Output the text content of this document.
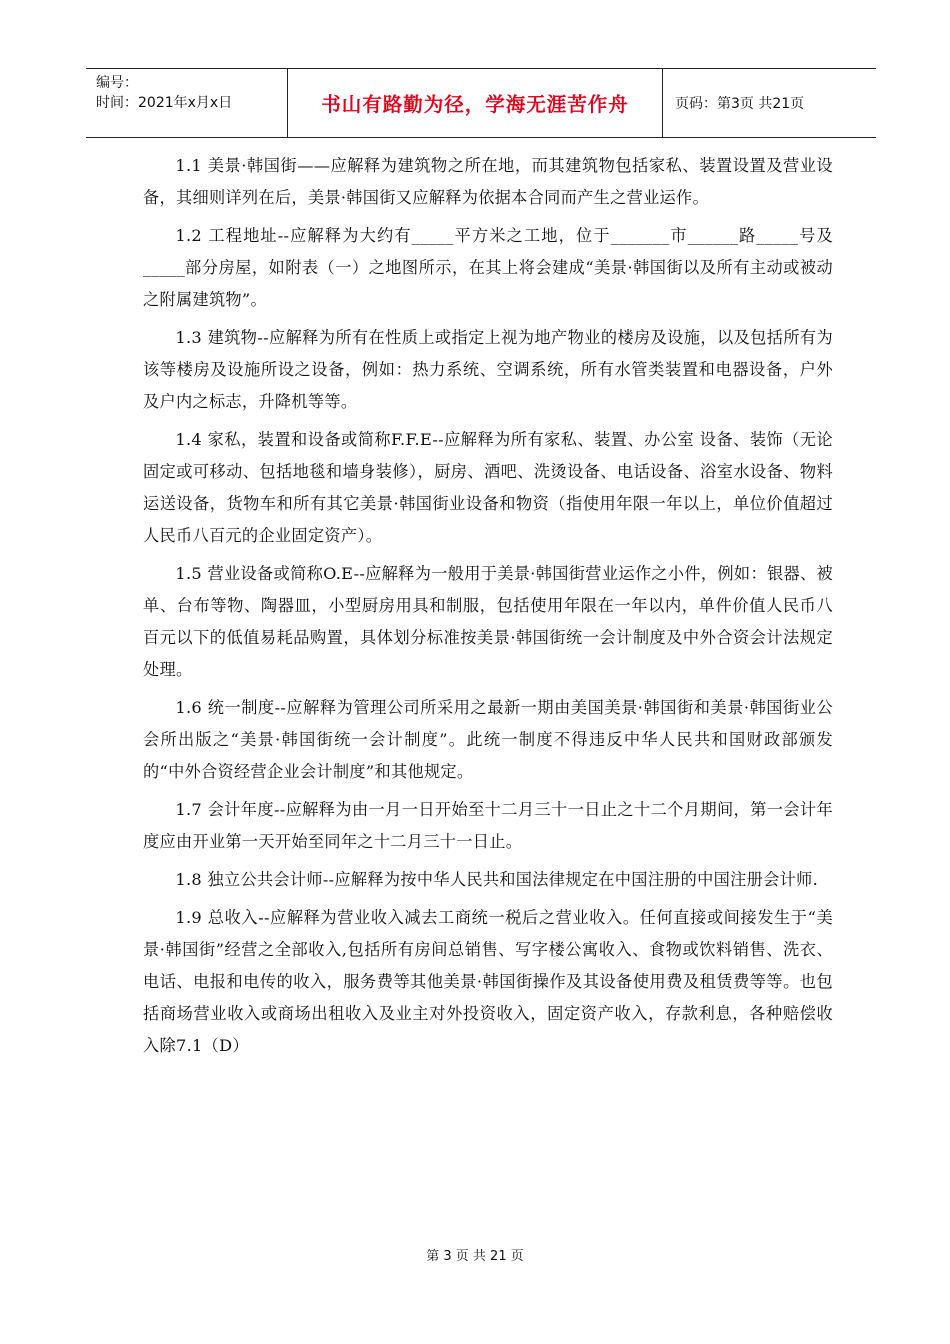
编号：
时间：2021年x月x日	书山有路勤为径，学海无涯苦作舟	页码：第3页 共21页

1.1 美景·韩国街——应解释为建筑物之所在地，而其建筑物包括家私、装置设置及营业设备，其细则详列在后，美景·韩国街又应解释为依据本合同而产生之营业运作。

1.2 工程地址--应解释为大约有_____平方米之工地，位于_______市______路_____号及_____部分房屋，如附表（一）之地图所示，在其上将会建成“美景·韩国街以及所有主动或被动之附属建筑物”。

1.3 建筑物--应解释为所有在性质上或指定上视为地产物业的楼房及设施，以及包括所有为该等楼房及设施所设之设备，例如：热力系统、空调系统，所有水管类装置和电器设备，户外及户内之标志，升降机等等。

1.4 家私，装置和设备或简称F.F.E--应解释为所有家私、装置、办公室 设备、装饰（无论固定或可移动、包括地毯和墙身装修），厨房、酒吧、洗烫设备、电话设备、浴室水设备、物料运送设备，货物车和所有其它美景·韩国街业设备和物资（指使用年限一年以上，单位价值超过人民币八百元的企业固定资产）。

1.5 营业设备或简称O.E--应解释为一般用于美景·韩国街营业运作之小件，例如：银器、被单、台布等物、陶器皿，小型厨房用具和制服，包括使用年限在一年以内，单件价值人民币八百元以下的低值易耗品购置，具体划分标准按美景·韩国街统一会计制度及中外合资会计法规定处理。

1.6 统一制度--应解释为管理公司所采用之最新一期由美国美景·韩国街和美景·韩国街业公会所出版之“美景·韩国街统一会计制度”。此统一制度不得违反中华人民共和国财政部颁发的“中外合资经营企业会计制度”和其他规定。

1.7 会计年度--应解释为由一月一日开始至十二月三十一日止之十二个月期间，第一会计年度应由开业第一天开始至同年之十二月三十一日止。

1.8 独立公共会计师--应解释为按中华人民共和国法律规定在中国注册的中国注册会计师.

1.9 总收入--应解释为营业收入减去工商统一税后之营业收入。任何直接或间接发生于“美景·韩国街”经营之全部收入,包括所有房间总销售、写字楼公寓收入、食物或饮料销售、洗衣、电话、电报和电传的收入，服务费等其他美景·韩国街操作及其设备使用费及租赁费等等。也包括商场营业收入或商场出租收入及业主对外投资收入，固定资产收入，存款利息，各种赔偿收入除7.1（D）

第 3 页 共 21 页
